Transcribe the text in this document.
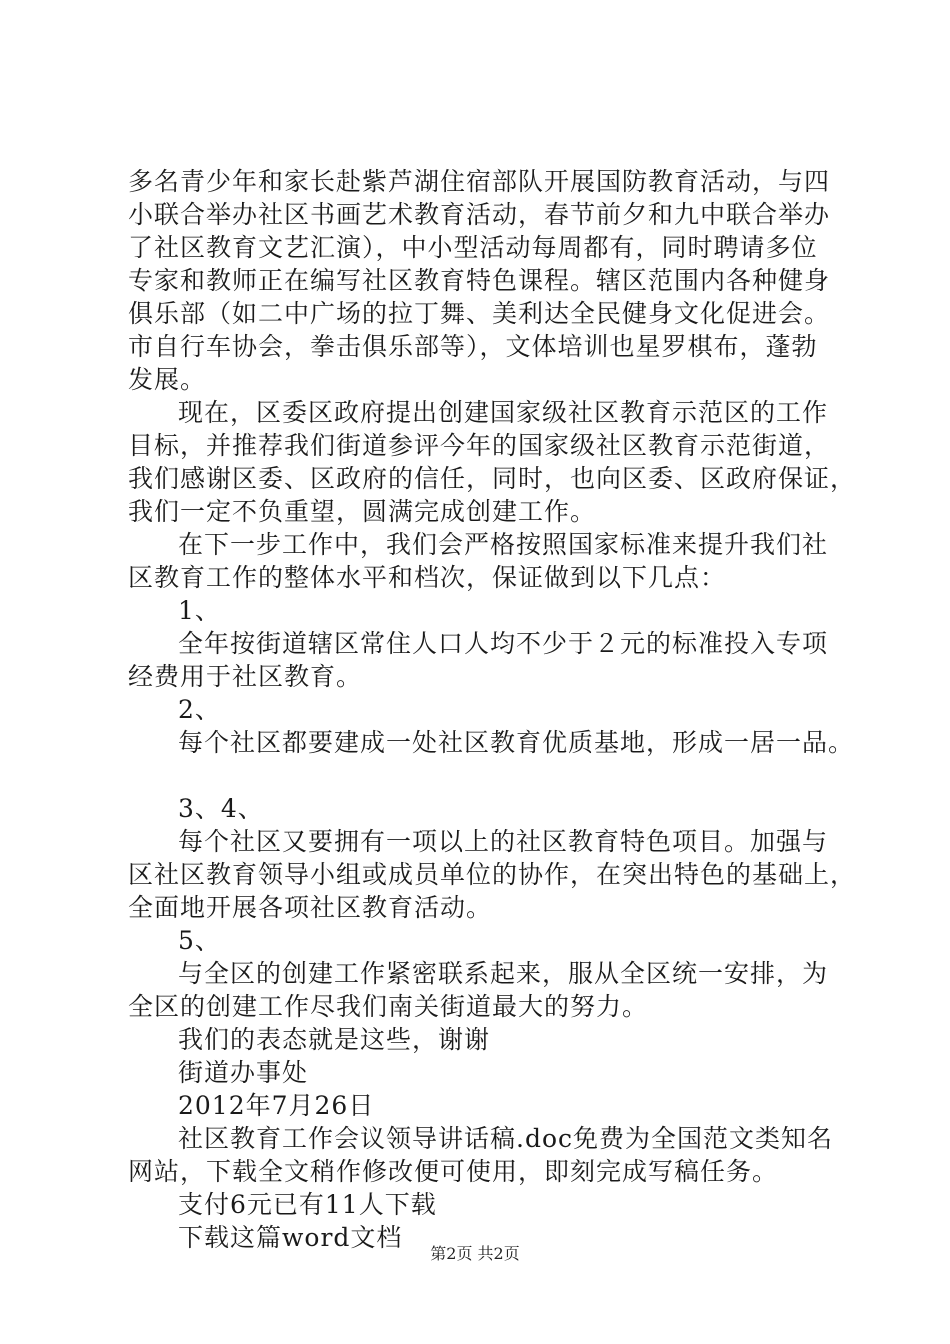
多名青少年和家长赴紫芦湖住宿部队开展国防教育活动，与四
小联合举办社区书画艺术教育活动，春节前夕和九中联合举办
了社区教育文艺汇演），中小型活动每周都有，同时聘请多位
专家和教师正在编写社区教育特色课程。辖区范围内各种健身
俱乐部（如二中广场的拉丁舞、美利达全民健身文化促进会。
市自行车协会，拳击俱乐部等），文体培训也星罗棋布，蓬勃
发展。
现在，区委区政府提出创建国家级社区教育示范区的工作
目标，并推荐我们街道参评今年的国家级社区教育示范街道，
我们感谢区委、区政府的信任，同时，也向区委、区政府保证，
我们一定不负重望，圆满完成创建工作。
在下一步工作中，我们会严格按照国家标准来提升我们社
区教育工作的整体水平和档次，保证做到以下几点：
1、
全年按街道辖区常住人口人均不少于２元的标准投入专项
经费用于社区教育。
2、
每个社区都要建成一处社区教育优质基地，形成一居一品。
3、4、
每个社区又要拥有一项以上的社区教育特色项目。加强与
区社区教育领导小组或成员单位的协作，在突出特色的基础上，
全面地开展各项社区教育活动。
5、
与全区的创建工作紧密联系起来，服从全区统一安排，为
全区的创建工作尽我们南关街道最大的努力。
我们的表态就是这些，谢谢
街道办事处
2012年7月26日
社区教育工作会议领导讲话稿.doc免费为全国范文类知名
网站，下载全文稍作修改便可使用，即刻完成写稿任务。
支付6元已有11人下载
下载这篇word文档
第2页 共2页
